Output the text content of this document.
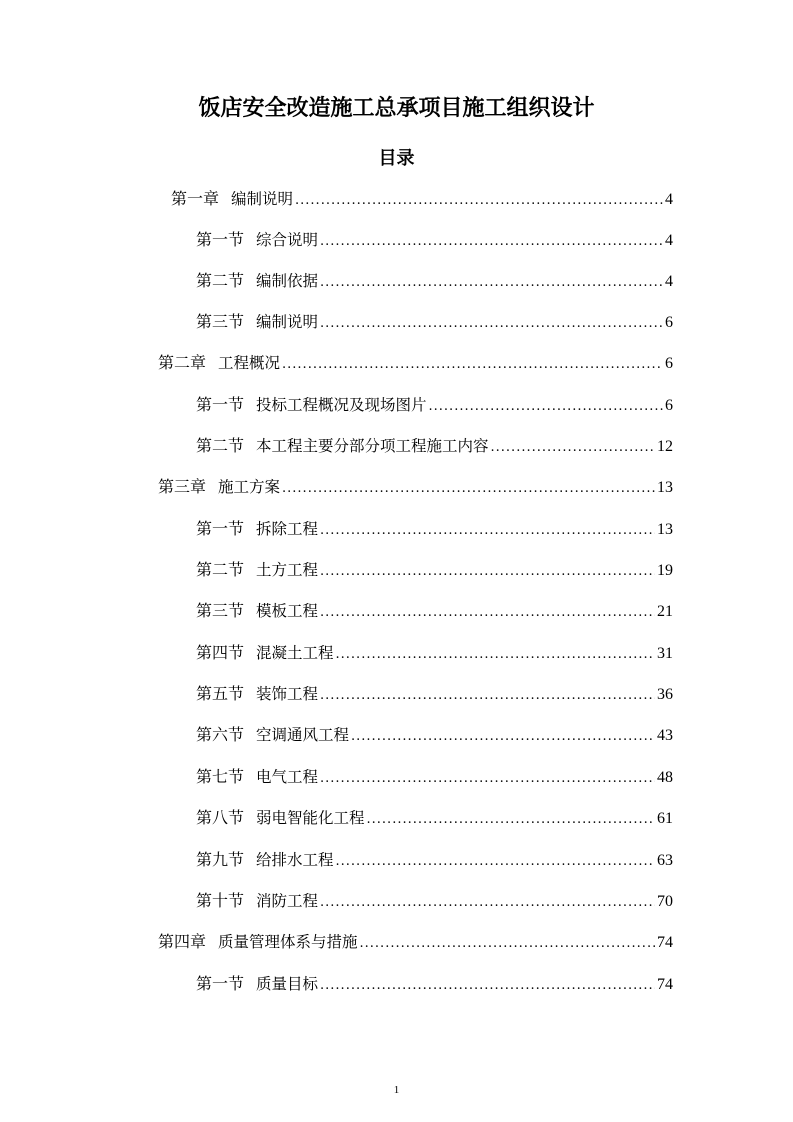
饭店安全改造施工总承项目施工组织设计
目录
第一章 编制说明 .....	4
第一节 综合说明 .....	4
第二节 编制依据 .....	4
第三节 编制说明 .....	6
第二章 工程概况 .....	6
第一节 投标工程概况及现场图片 .....	6
第二节 本工程主要分部分项工程施工内容 .....	12
第三章 施工方案 .....	13
第一节 拆除工程 .....	13
第二节 土方工程 .....	19
第三节 模板工程 .....	21
第四节 混凝土工程 .....	31
第五节 装饰工程 .....	36
第六节 空调通风工程 .....	43
第七节 电气工程 .....	48
第八节 弱电智能化工程 .....	61
第九节 给排水工程 .....	63
第十节 消防工程 .....	70
第四章 质量管理体系与措施 .....	74
第一节 质量目标 .....	74
1
